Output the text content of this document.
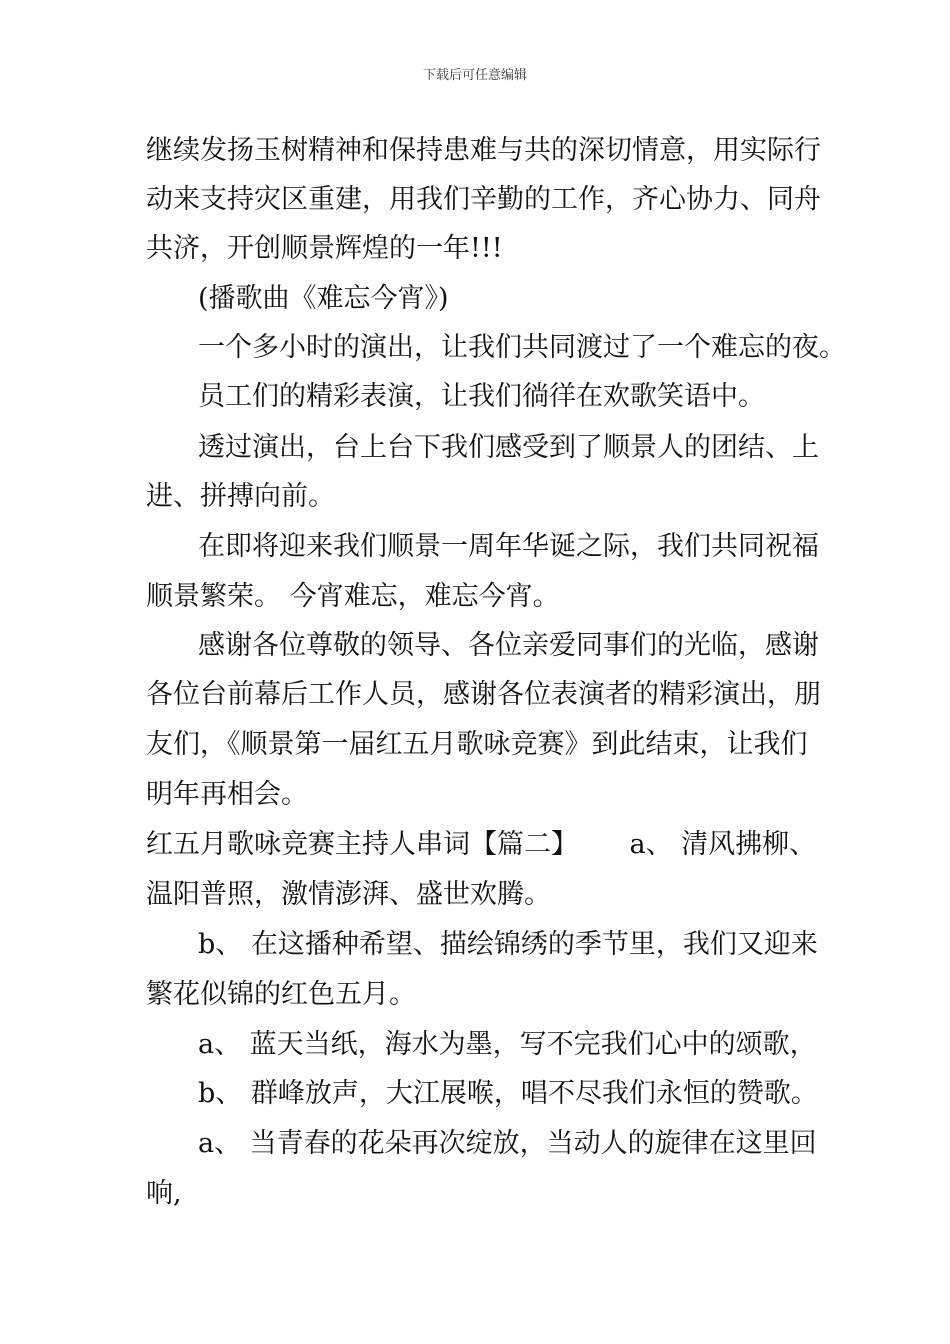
下载后可任意编辑
继续发扬玉树精神和保持患难与共的深切情意，用实际行
动来支持灾区重建，用我们辛勤的工作，齐心协力、同舟
共济，开创顺景辉煌的一年!!!
(播歌曲《难忘今宵》)
一个多小时的演出，让我们共同渡过了一个难忘的夜。
员工们的精彩表演，让我们徜徉在欢歌笑语中。
透过演出，台上台下我们感受到了顺景人的团结、上
进、拼搏向前。
在即将迎来我们顺景一周年华诞之际，我们共同祝福
顺景繁荣。 今宵难忘，难忘今宵。
感谢各位尊敬的领导、各位亲爱同事们的光临，感谢
各位台前幕后工作人员，感谢各位表演者的精彩演出，朋
友们，《顺景第一届红五月歌咏竞赛》到此结束，让我们
明年再相会。
红五月歌咏竞赛主持人串词【篇二】      a、 清风拂柳、
温阳普照，激情澎湃、盛世欢腾。
b、 在这播种希望、描绘锦绣的季节里，我们又迎来
繁花似锦的红色五月。
a、 蓝天当纸，海水为墨，写不完我们心中的颂歌，
b、 群峰放声，大江展喉，唱不尽我们永恒的赞歌。
a、 当青春的花朵再次绽放，当动人的旋律在这里回
响,
